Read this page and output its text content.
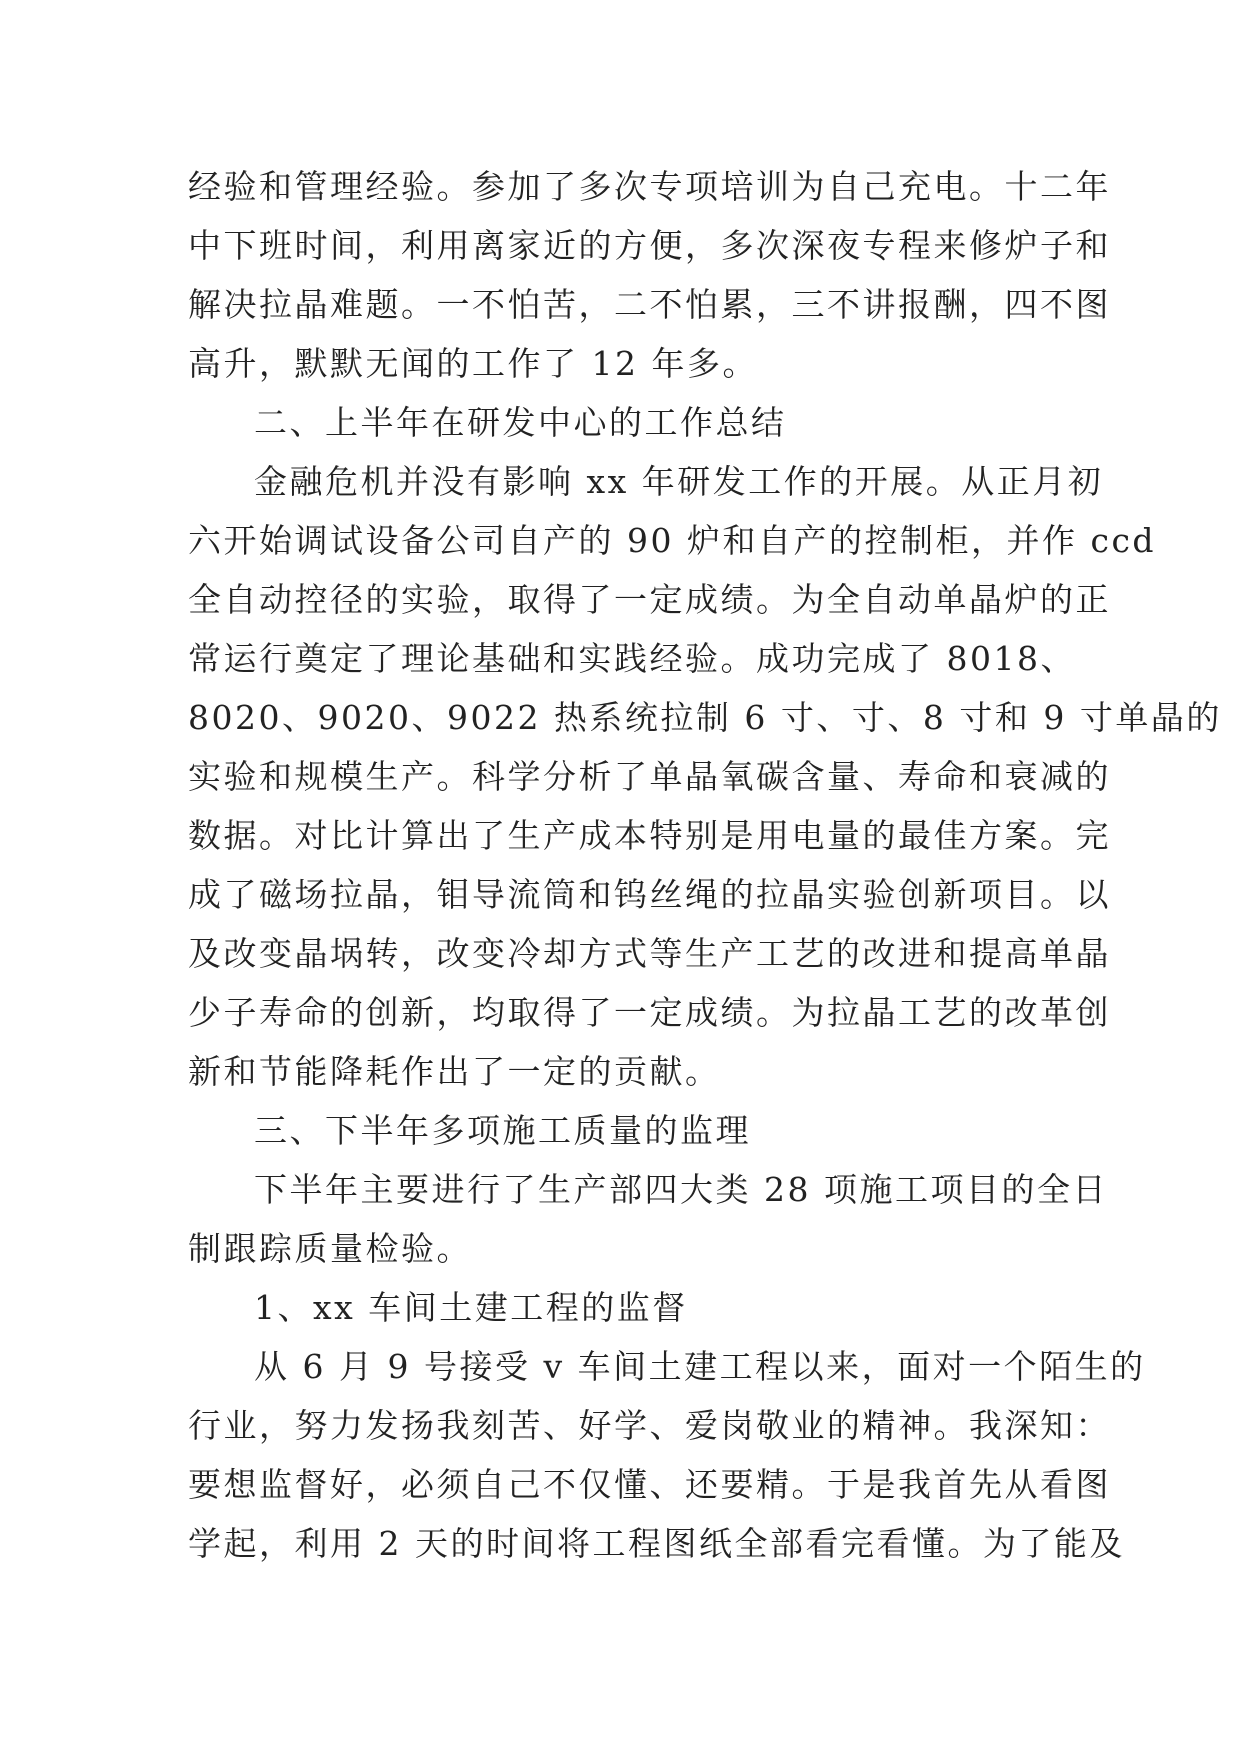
经验和管理经验。参加了多次专项培训为自己充电。十二年
中下班时间，利用离家近的方便，多次深夜专程来修炉子和
解决拉晶难题。一不怕苦，二不怕累，三不讲报酬，四不图
高升，默默无闻的工作了 12 年多。
二、上半年在研发中心的工作总结
金融危机并没有影响 xx 年研发工作的开展。从正月初
六开始调试设备公司自产的 90 炉和自产的控制柜，并作 ccd
全自动控径的实验，取得了一定成绩。为全自动单晶炉的正
常运行奠定了理论基础和实践经验。成功完成了 8018、
8020、9020、9022 热系统拉制 6 寸、寸、8 寸和 9 寸单晶的
实验和规模生产。科学分析了单晶氧碳含量、寿命和衰减的
数据。对比计算出了生产成本特别是用电量的最佳方案。完
成了磁场拉晶，钼导流筒和钨丝绳的拉晶实验创新项目。以
及改变晶埚转，改变冷却方式等生产工艺的改进和提高单晶
少子寿命的创新，均取得了一定成绩。为拉晶工艺的改革创
新和节能降耗作出了一定的贡献。
三、下半年多项施工质量的监理
下半年主要进行了生产部四大类 28 项施工项目的全日
制跟踪质量检验。
1、xx 车间土建工程的监督
从 6 月 9 号接受 v 车间土建工程以来，面对一个陌生的
行业，努力发扬我刻苦、好学、爱岗敬业的精神。我深知：
要想监督好，必须自己不仅懂、还要精。于是我首先从看图
学起，利用 2 天的时间将工程图纸全部看完看懂。为了能及
